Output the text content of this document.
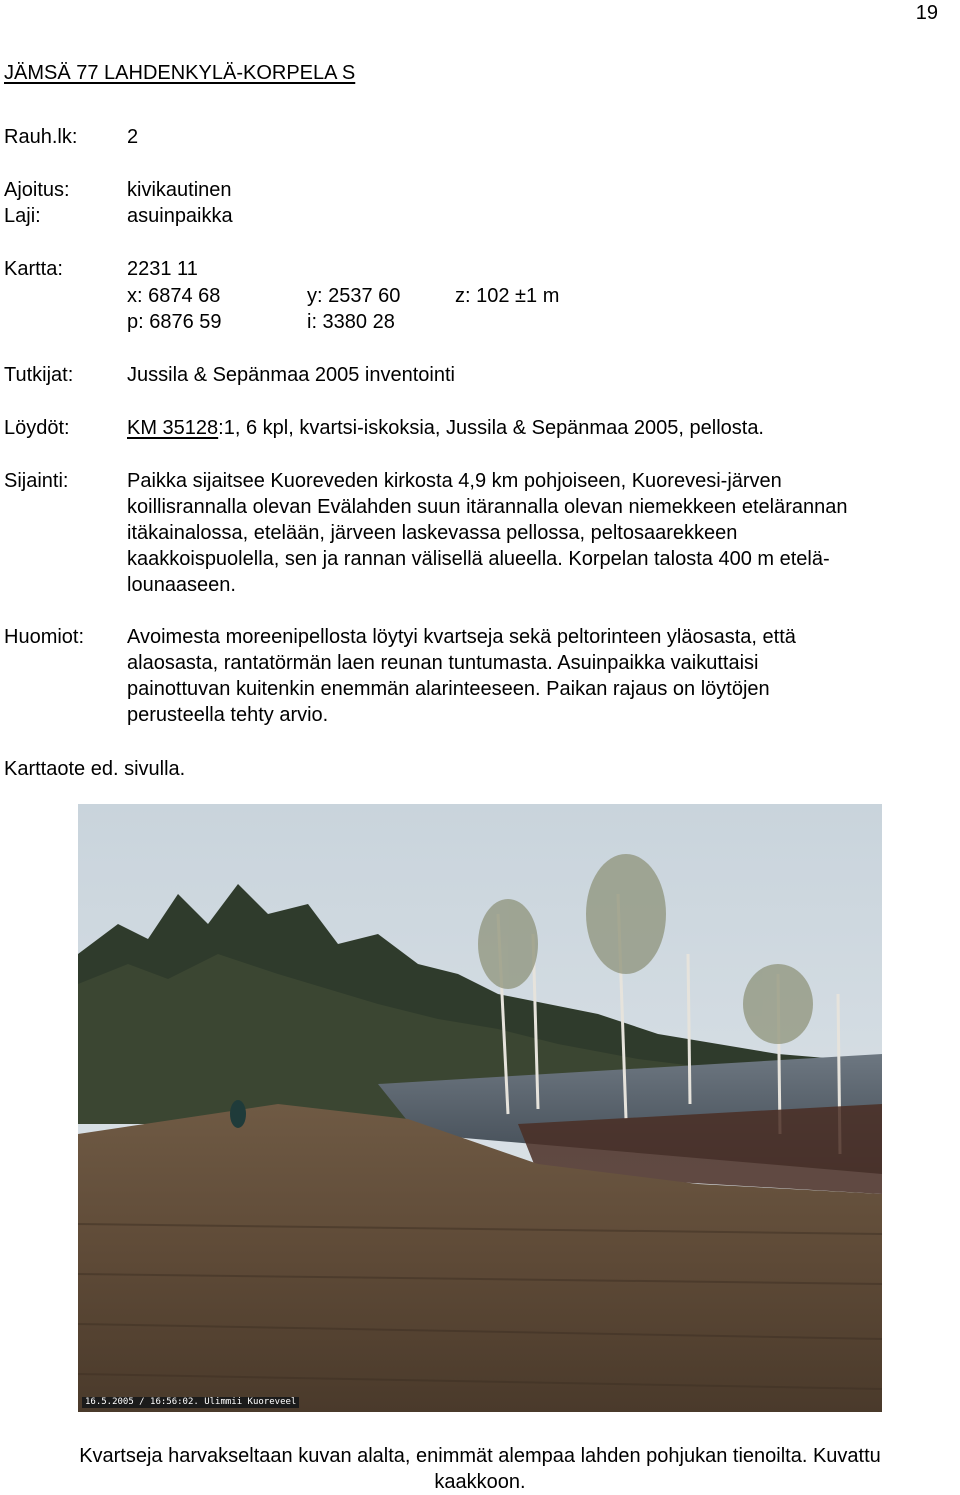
19
JÄMSÄ 77 LAHDENKYLÄ-KORPELA S
Rauh.lk: 2
Ajoitus:	kivikautinen
Laji:	asuinpaikka
Kartta:	2231 11
x: 6874 68	y: 2537 60	z: 102 ±1 m
p: 6876 59	i: 3380 28
Tutkijat:	Jussila & Sepänmaa 2005 inventointi
Löydöt:	KM 35128:1, 6 kpl, kvartsi-iskoksia, Jussila & Sepänmaa 2005, pellosta.
Sijainti:	Paikka sijaitsee Kuoreveden kirkosta 4,9 km pohjoiseen, Kuorevesi-järven
koillisrannalla olevan Evälahden suun itärannalla olevan niemekkeen etelärannan
itäkainalossa, etelään, järveen laskevassa pellossa, peltosaarekkeen
kaakkoispuolella, sen ja rannan välisellä alueella. Korpelan talosta 400 m etelä-
lounaaseen.
Huomiot: Avoimesta moreenipellosta löytyi kvartseja sekä peltorinteen yläosasta, että
alaosasta, rantatörmän laen reunan tuntumasta. Asuinpaikka vaikuttaisi
painottuvan kuitenkin enemmän alarinteeseen. Paikan rajaus on löytöjen
perusteella tehty arvio.
Karttaote ed. sivulla.
16.5.2005 / 16:56:02. Ulimmii Kuoreveel
Kvartseja harvakseltaan kuvan alalta, enimmät alempaa lahden pohjukan tienoilta. Kuvattu
kaakkoon.
